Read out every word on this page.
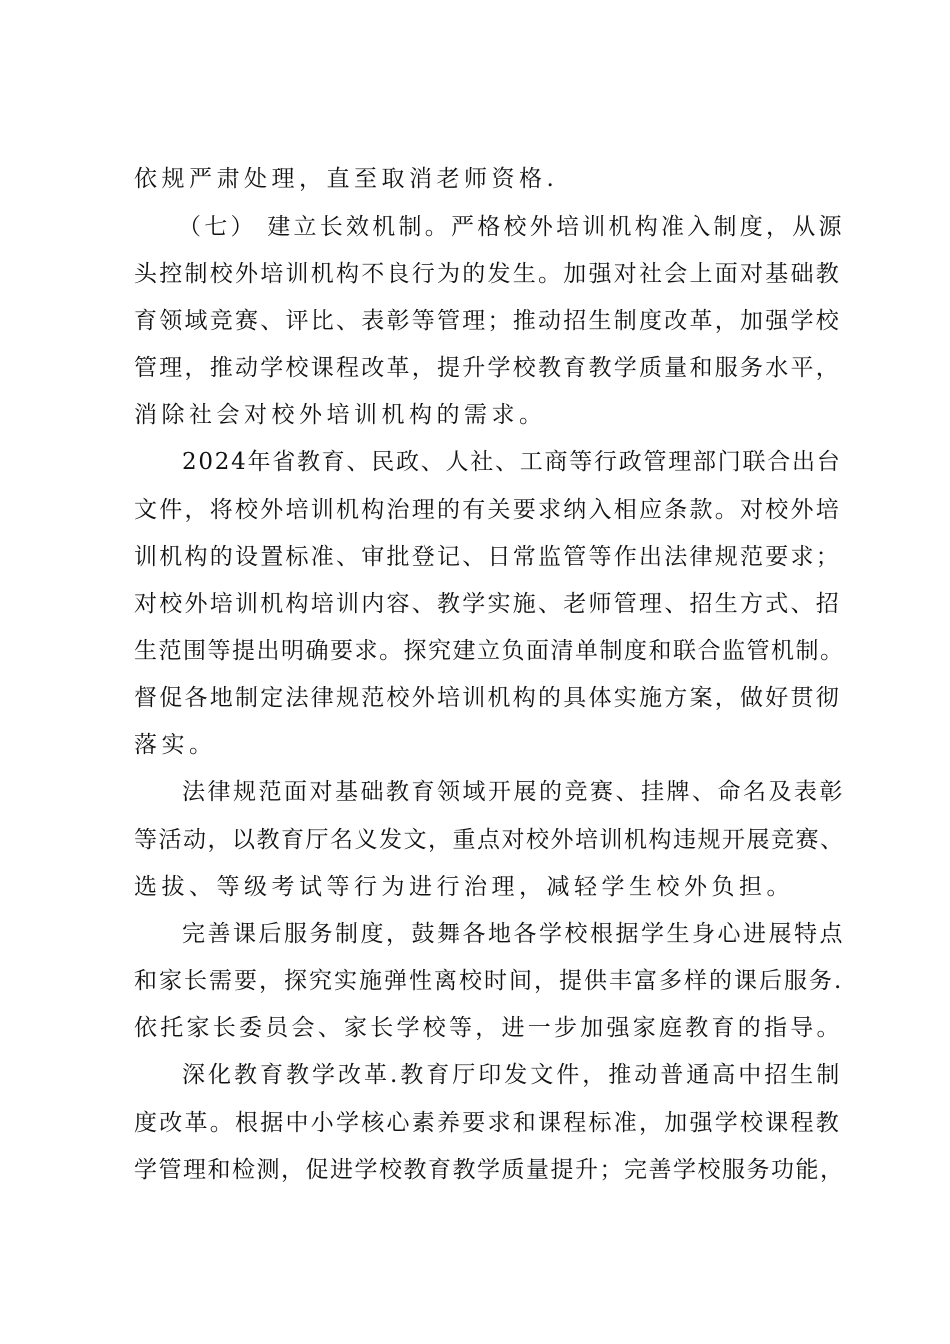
依规严肃处理，直至取消老师资格.

（七） 建立长效机制。严格校外培训机构准入制度，从源

头控制校外培训机构不良行为的发生。加强对社会上面对基础教

育领域竞赛、评比、表彰等管理；推动招生制度改革，加强学校

管理，推动学校课程改革，提升学校教育教学质量和服务水平，

消除社会对校外培训机构的需求。

2024年省教育、民政、人社、工商等行政管理部门联合出台

文件，将校外培训机构治理的有关要求纳入相应条款。对校外培

训机构的设置标准、审批登记、日常监管等作出法律规范要求；

对校外培训机构培训内容、教学实施、老师管理、招生方式、招

生范围等提出明确要求。探究建立负面清单制度和联合监管机制。

督促各地制定法律规范校外培训机构的具体实施方案，做好贯彻

落实。

法律规范面对基础教育领域开展的竞赛、挂牌、命名及表彰

等活动，以教育厅名义发文，重点对校外培训机构违规开展竞赛、

选拔、等级考试等行为进行治理，减轻学生校外负担。

完善课后服务制度，鼓舞各地各学校根据学生身心进展特点

和家长需要，探究实施弹性离校时间，提供丰富多样的课后服务.

依托家长委员会、家长学校等，进一步加强家庭教育的指导。

深化教育教学改革.教育厅印发文件，推动普通高中招生制

度改革。根据中小学核心素养要求和课程标准，加强学校课程教

学管理和检测，促进学校教育教学质量提升；完善学校服务功能，
